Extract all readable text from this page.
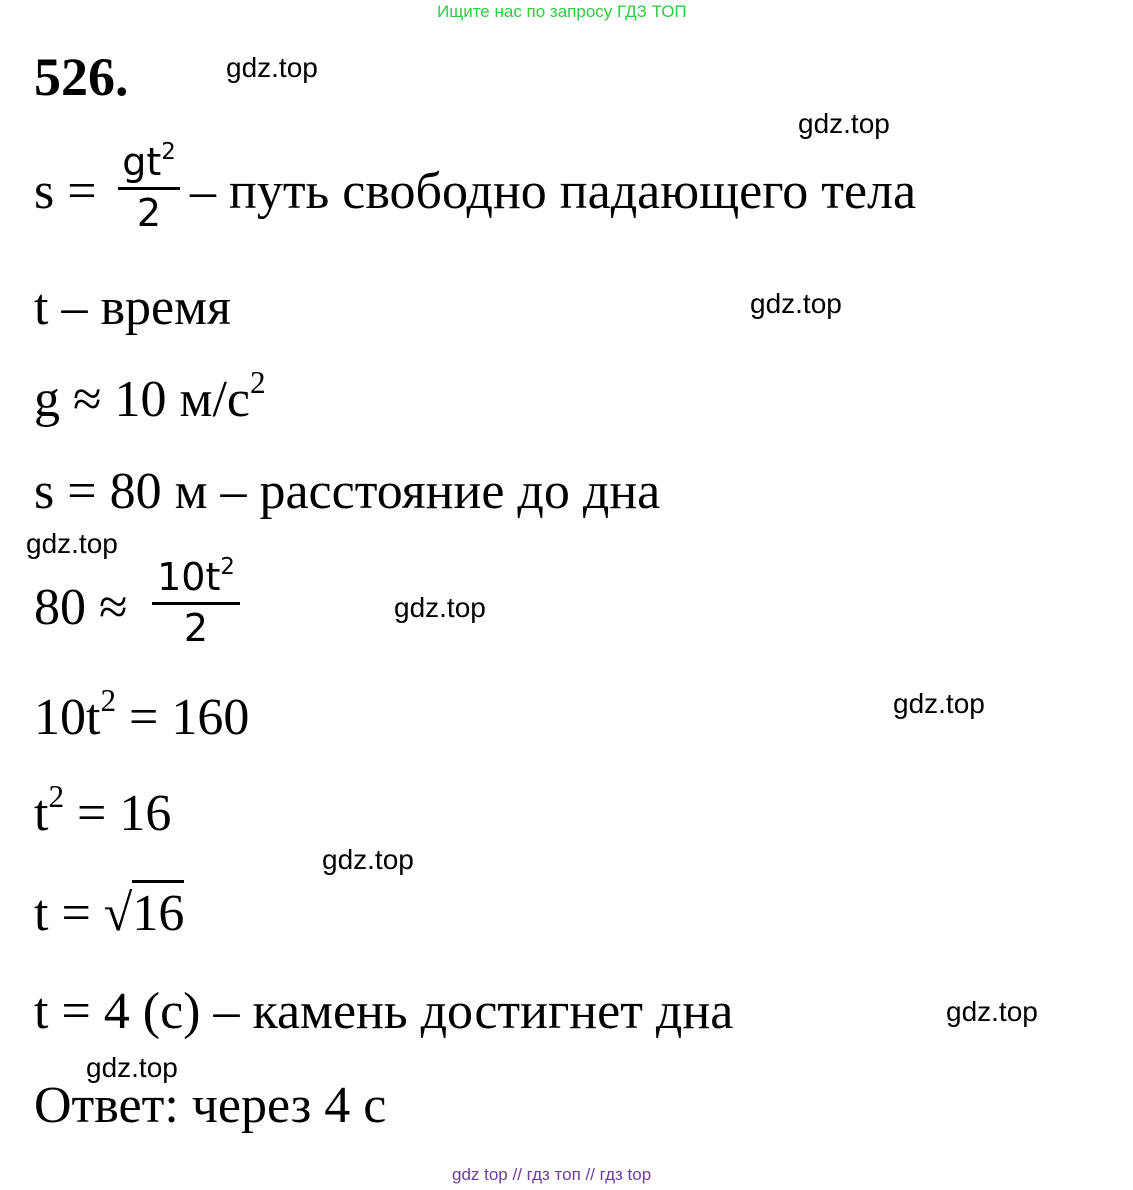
Ищите нас по запросу ГДЗ ТОП
526.	gdz.top
gdz.top
gdz.top
gdz.top
gdz.top
gdz.top
gdz.top
gdz.top
gdz.top
s =
$gt^2$
2 – путь свободно падающего тела
t – время
g ≈ 10 $м/с^2$
s = 80 м – расстояние до дна
80 ≈
$10t^2$
2
$10t^2 = 160$
$t^2 = 16$
t = √16
t = 4 (с) – камень достигнет дна
Ответ: через 4 с
gdz top // гдз топ // гдз top
